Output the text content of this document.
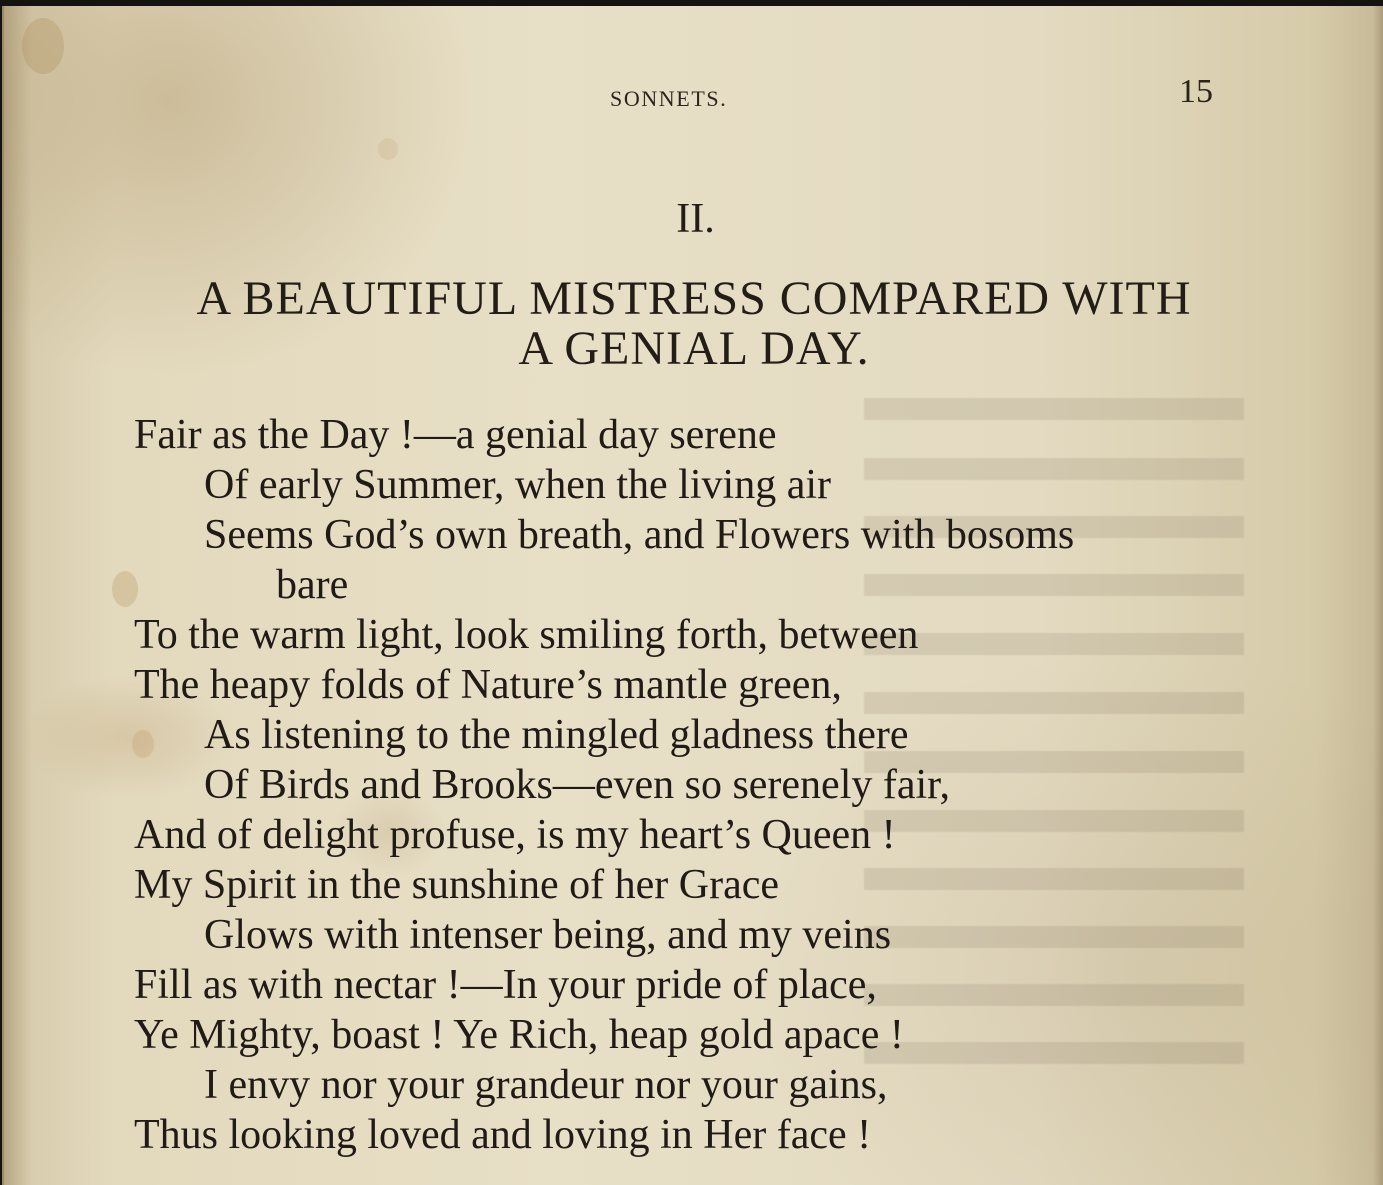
SONNETS.	15
II.
A BEAUTIFUL MISTRESS COMPARED WITH
A GENIAL DAY.
Fair as the Day !—a genial day serene
Of early Summer, when the living air
Seems God’s own breath, and Flowers with bosoms
bare
To the warm light, look smiling forth, between
The heapy folds of Nature’s mantle green,
As listening to the mingled gladness there
Of Birds and Brooks—even so serenely fair,
And of delight profuse, is my heart’s Queen !
My Spirit in the sunshine of her Grace
Glows with intenser being, and my veins
Fill as with nectar !—In your pride of place,
Ye Mighty, boast ! Ye Rich, heap gold apace !
I envy nor your grandeur nor your gains,
Thus looking loved and loving in Her face !
